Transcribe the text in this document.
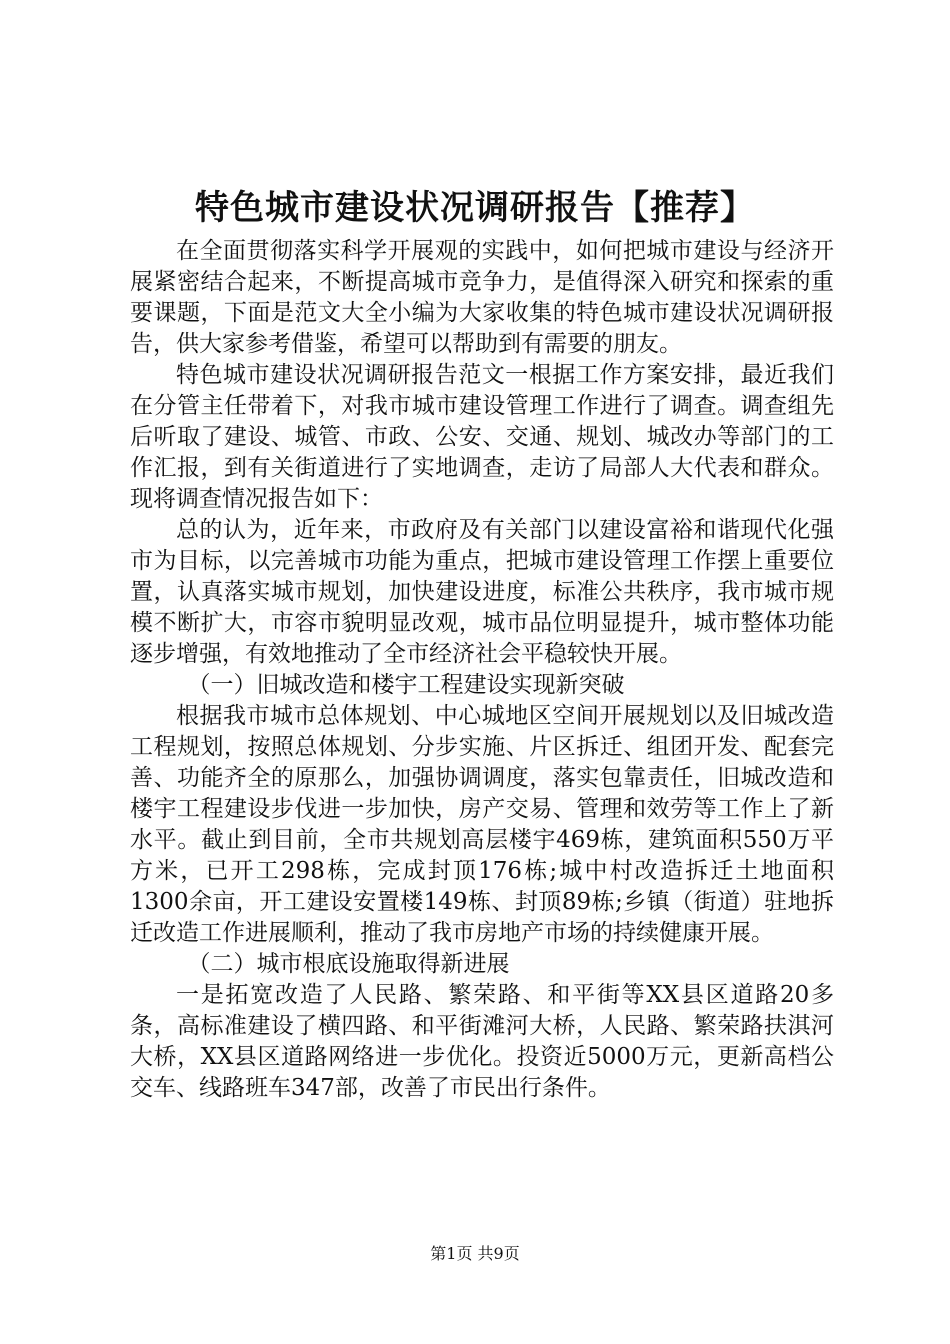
特色城市建设状况调研报告【推荐】

在全面贯彻落实科学开展观的实践中，如何把城市建设与经济开展紧密结合起来，不断提高城市竞争力，是值得深入研究和探索的重要课题，下面是范文大全小编为大家收集的特色城市建设状况调研报告，供大家参考借鉴，希望可以帮助到有需要的朋友。

特色城市建设状况调研报告范文一根据工作方案安排，最近我们在分管主任带着下，对我市城市建设管理工作进行了调查。调查组先后听取了建设、城管、市政、公安、交通、规划、城改办等部门的工作汇报，到有关街道进行了实地调查，走访了局部人大代表和群众。现将调查情况报告如下：

总的认为，近年来，市政府及有关部门以建设富裕和谐现代化强市为目标，以完善城市功能为重点，把城市建设管理工作摆上重要位置，认真落实城市规划，加快建设进度，标准公共秩序，我市城市规模不断扩大，市容市貌明显改观，城市品位明显提升，城市整体功能逐步增强，有效地推动了全市经济社会平稳较快开展。

（一）旧城改造和楼宇工程建设实现新突破

根据我市城市总体规划、中心城地区空间开展规划以及旧城改造工程规划，按照总体规划、分步实施、片区拆迁、组团开发、配套完善、功能齐全的原那么，加强协调调度，落实包靠责任，旧城改造和楼宇工程建设步伐进一步加快，房产交易、管理和效劳等工作上了新水平。截止到目前，全市共规划高层楼宇469栋，建筑面积550万平方米，已开工298栋，完成封顶176栋;城中村改造拆迁土地面积1300余亩，开工建设安置楼149栋、封顶89栋;乡镇（街道）驻地拆迁改造工作进展顺利，推动了我市房地产市场的持续健康开展。

（二）城市根底设施取得新进展

一是拓宽改造了人民路、繁荣路、和平街等XX县区道路20多条，高标准建设了横四路、和平街滩河大桥，人民路、繁荣路扶淇河大桥，XX县区道路网络进一步优化。投资近5000万元，更新高档公交车、线路班车347部，改善了市民出行条件。

第1页 共9页
